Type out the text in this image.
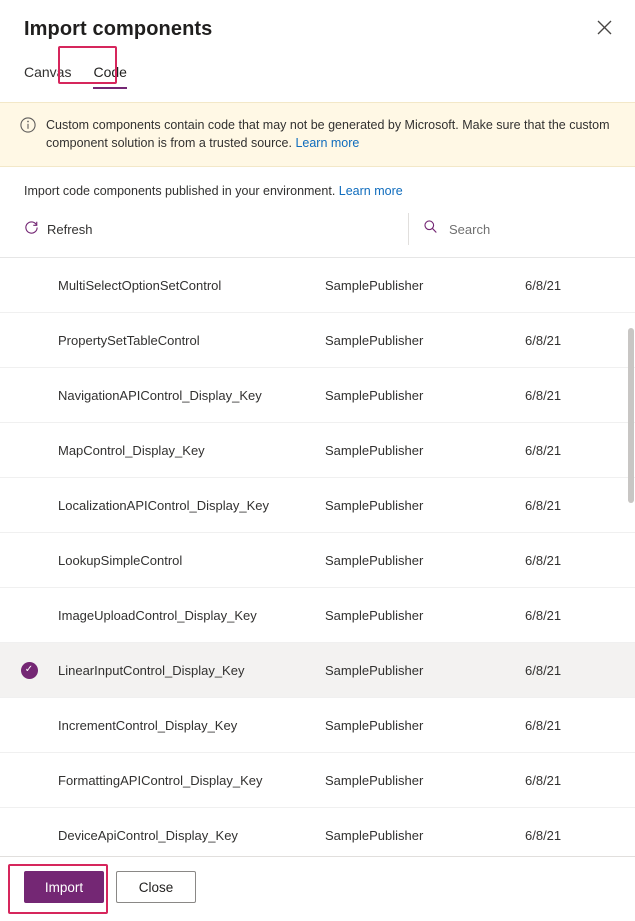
Import components
Canvas Code
Custom components contain code that may not be generated by Microsoft. Make sure that the custom component solution is from a trusted source. Learn more
Import code components published in your environment. Learn more
Refresh
Search
MultiSelectOptionSetControl	SamplePublisher	6/8/21
PropertySetTableControl	SamplePublisher	6/8/21
NavigationAPIControl_Display_Key	SamplePublisher	6/8/21
MapControl_Display_Key	SamplePublisher	6/8/21
LocalizationAPIControl_Display_Key	SamplePublisher	6/8/21
LookupSimpleControl	SamplePublisher	6/8/21
ImageUploadControl_Display_Key	SamplePublisher	6/8/21
✓	LinearInputControl_Display_Key	SamplePublisher	6/8/21
IncrementControl_Display_Key	SamplePublisher	6/8/21
FormattingAPIControl_Display_Key	SamplePublisher	6/8/21
DeviceApiControl_Display_Key	SamplePublisher	6/8/21
Import	Close
